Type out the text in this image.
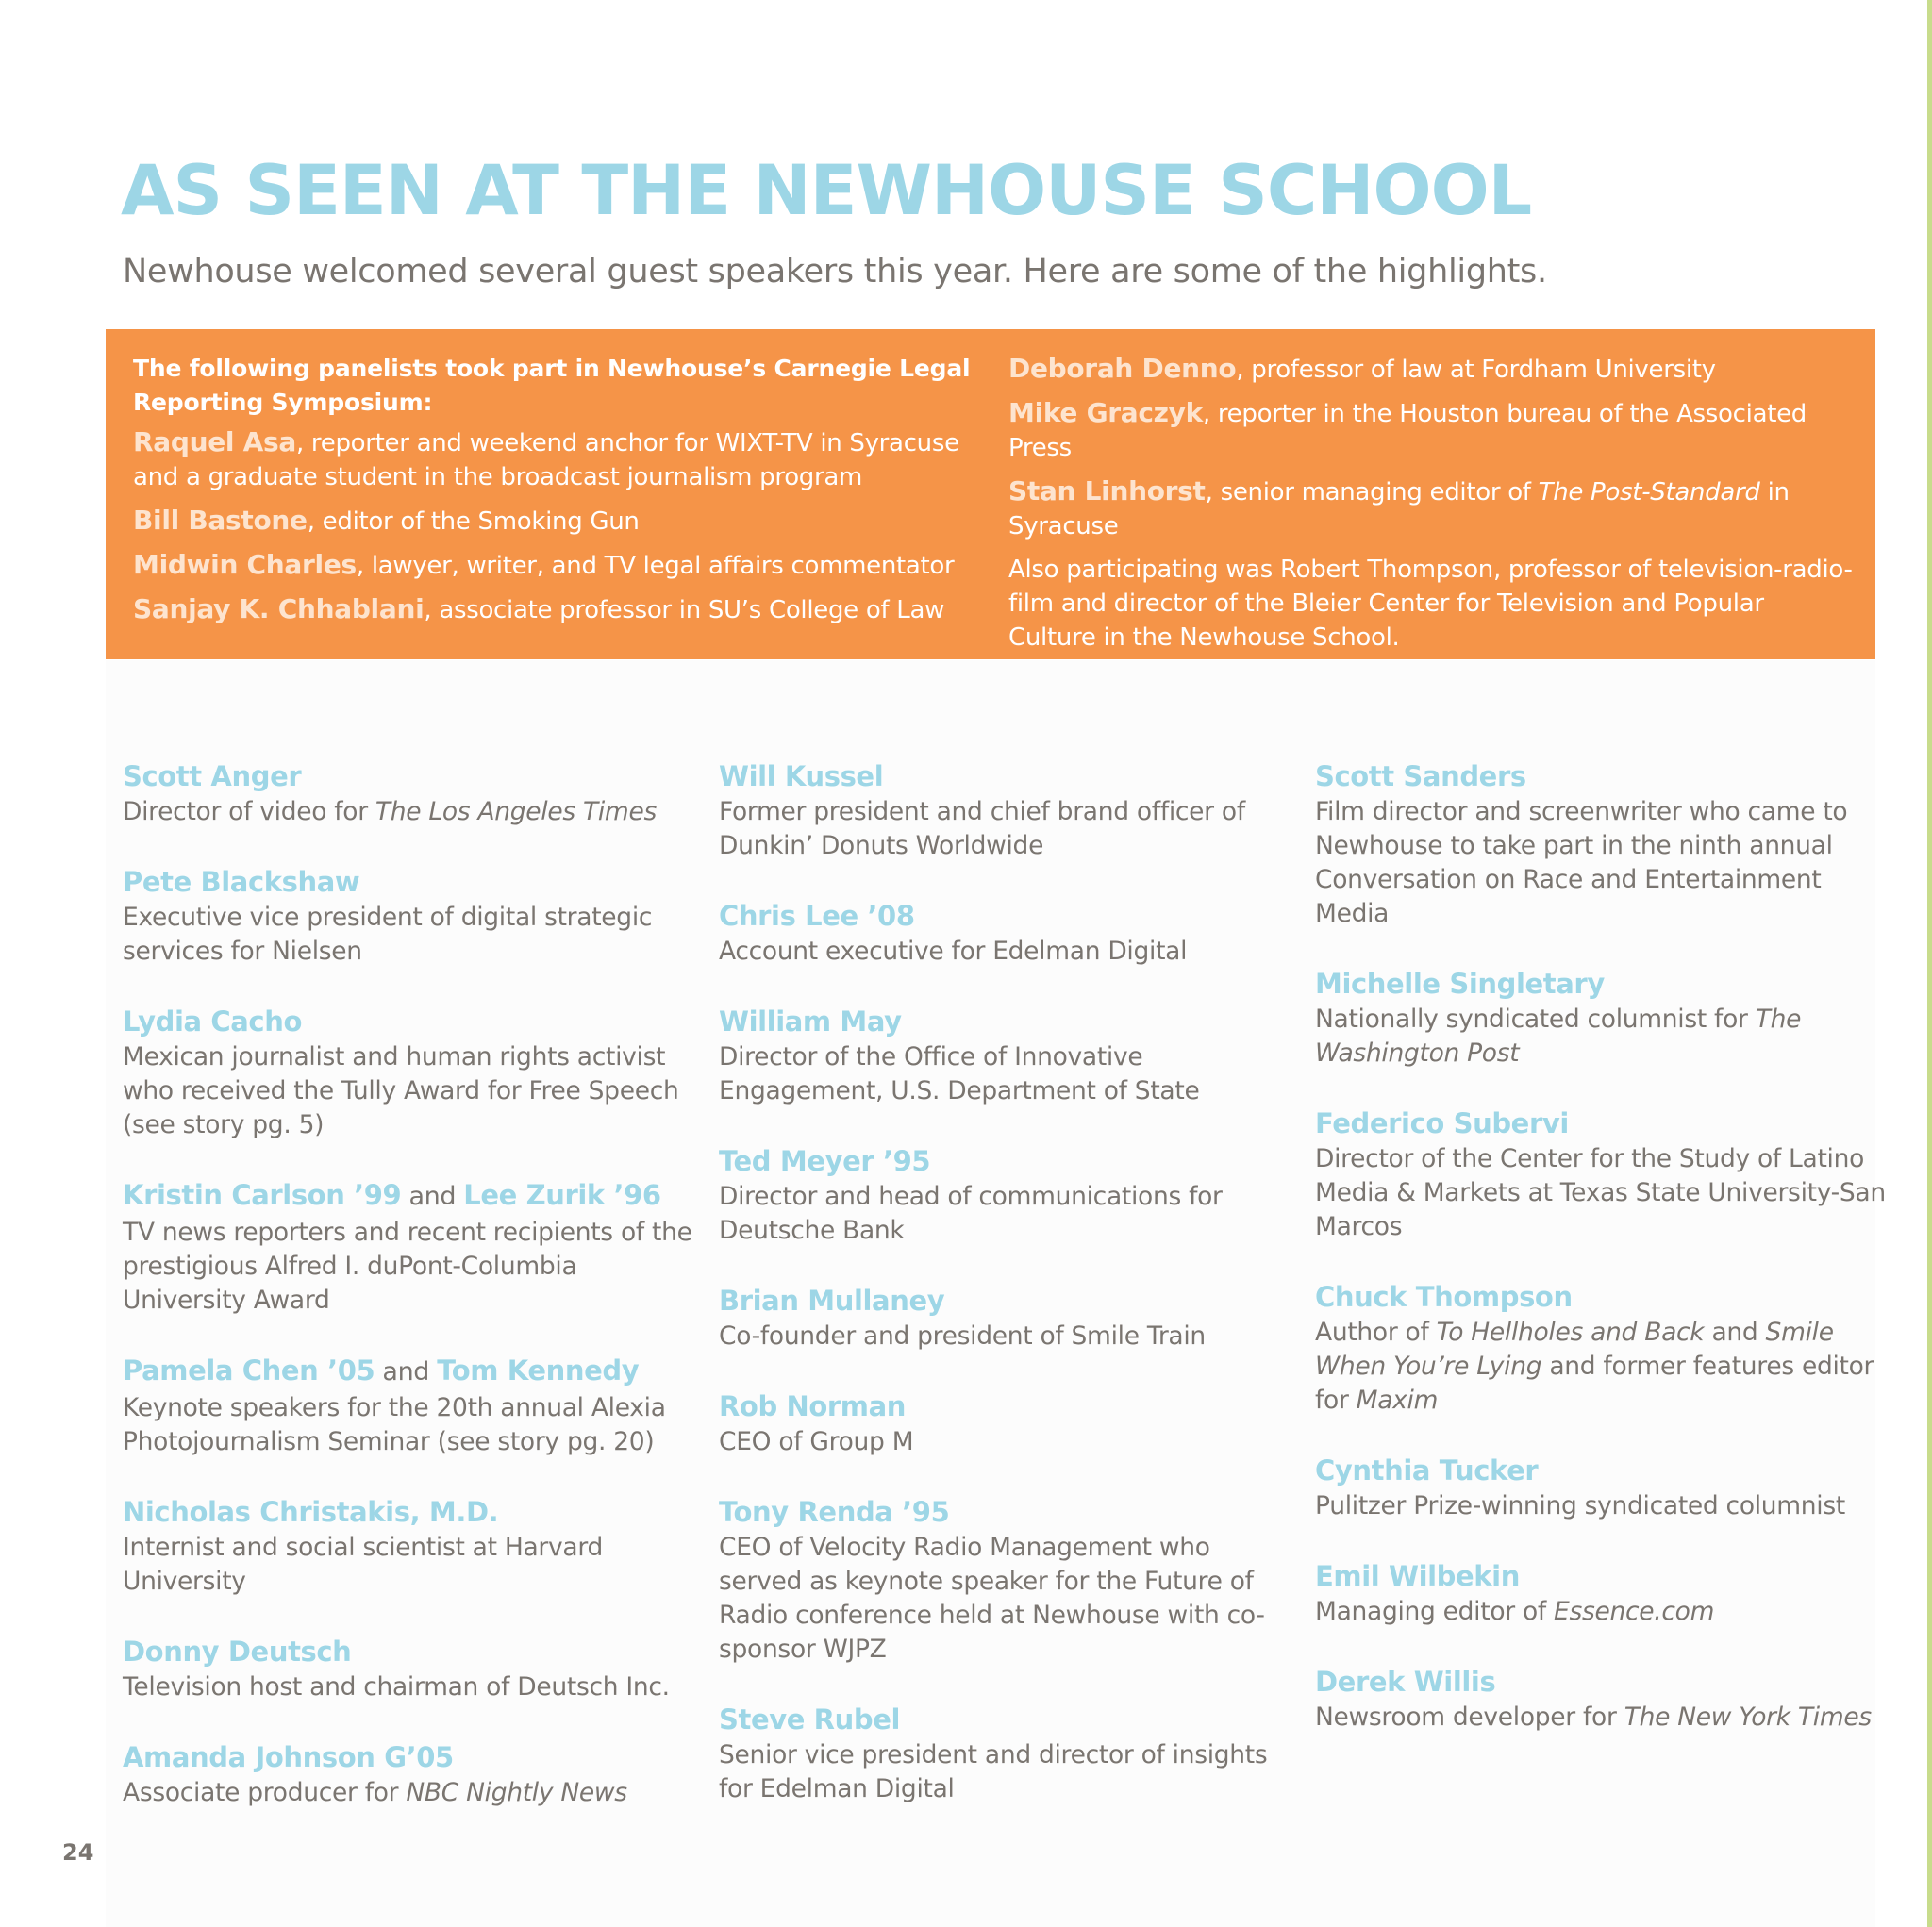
AS SEEN AT THE NEWHOUSE SCHOOL

Newhouse welcomed several guest speakers this year. Here are some of the highlights.

The following panelists took part in Newhouse’s Carnegie Legal Reporting Symposium:

Raquel Asa, reporter and weekend anchor for WIXT-TV in Syracuse and a graduate student in the broadcast journalism program

Bill Bastone, editor of the Smoking Gun

Midwin Charles, lawyer, writer, and TV legal affairs commentator

Sanjay K. Chhablani, associate professor in SU’s College of Law

Deborah Denno, professor of law at Fordham University

Mike Graczyk, reporter in the Houston bureau of the Associated Press

Stan Linhorst, senior managing editor of The Post-Standard in Syracuse

Also participating was Robert Thompson, professor of television-radio-film and director of the Bleier Center for Television and Popular Culture in the Newhouse School.

Scott Anger
Director of video for The Los Angeles Times
Pete Blackshaw
Executive vice president of digital strategic services for Nielsen
Lydia Cacho
Mexican journalist and human rights activist who received the Tully Award for Free Speech (see story pg. 5)
Kristin Carlson ’99 and Lee Zurik ’96
TV news reporters and recent recipients of the prestigious Alfred I. duPont-Columbia University Award
Pamela Chen ’05 and Tom Kennedy
Keynote speakers for the 20th annual Alexia Photojournalism Seminar (see story pg. 20)
Nicholas Christakis, M.D.
Internist and social scientist at Harvard University
Donny Deutsch
Television host and chairman of Deutsch Inc.
Amanda Johnson G’05
Associate producer for NBC Nightly News
Will Kussel
Former president and chief brand officer of Dunkin’ Donuts Worldwide
Chris Lee ’08
Account executive for Edelman Digital
William May
Director of the Office of Innovative Engagement, U.S. Department of State
Ted Meyer ’95
Director and head of communications for Deutsche Bank
Brian Mullaney
Co-founder and president of Smile Train
Rob Norman
CEO of Group M
Tony Renda ’95
CEO of Velocity Radio Management who served as keynote speaker for the Future of Radio conference held at Newhouse with co-sponsor WJPZ
Steve Rubel
Senior vice president and director of insights for Edelman Digital
Scott Sanders
Film director and screenwriter who came to Newhouse to take part in the ninth annual Conversation on Race and Entertainment Media
Michelle Singletary
Nationally syndicated columnist for The Washington Post
Federico Subervi
Director of the Center for the Study of Latino Media & Markets at Texas State University-San Marcos
Chuck Thompson
Author of To Hellholes and Back and Smile When You’re Lying and former features editor for Maxim
Cynthia Tucker
Pulitzer Prize-winning syndicated columnist
Emil Wilbekin
Managing editor of Essence.com
Derek Willis
Newsroom developer for The New York Times
24
